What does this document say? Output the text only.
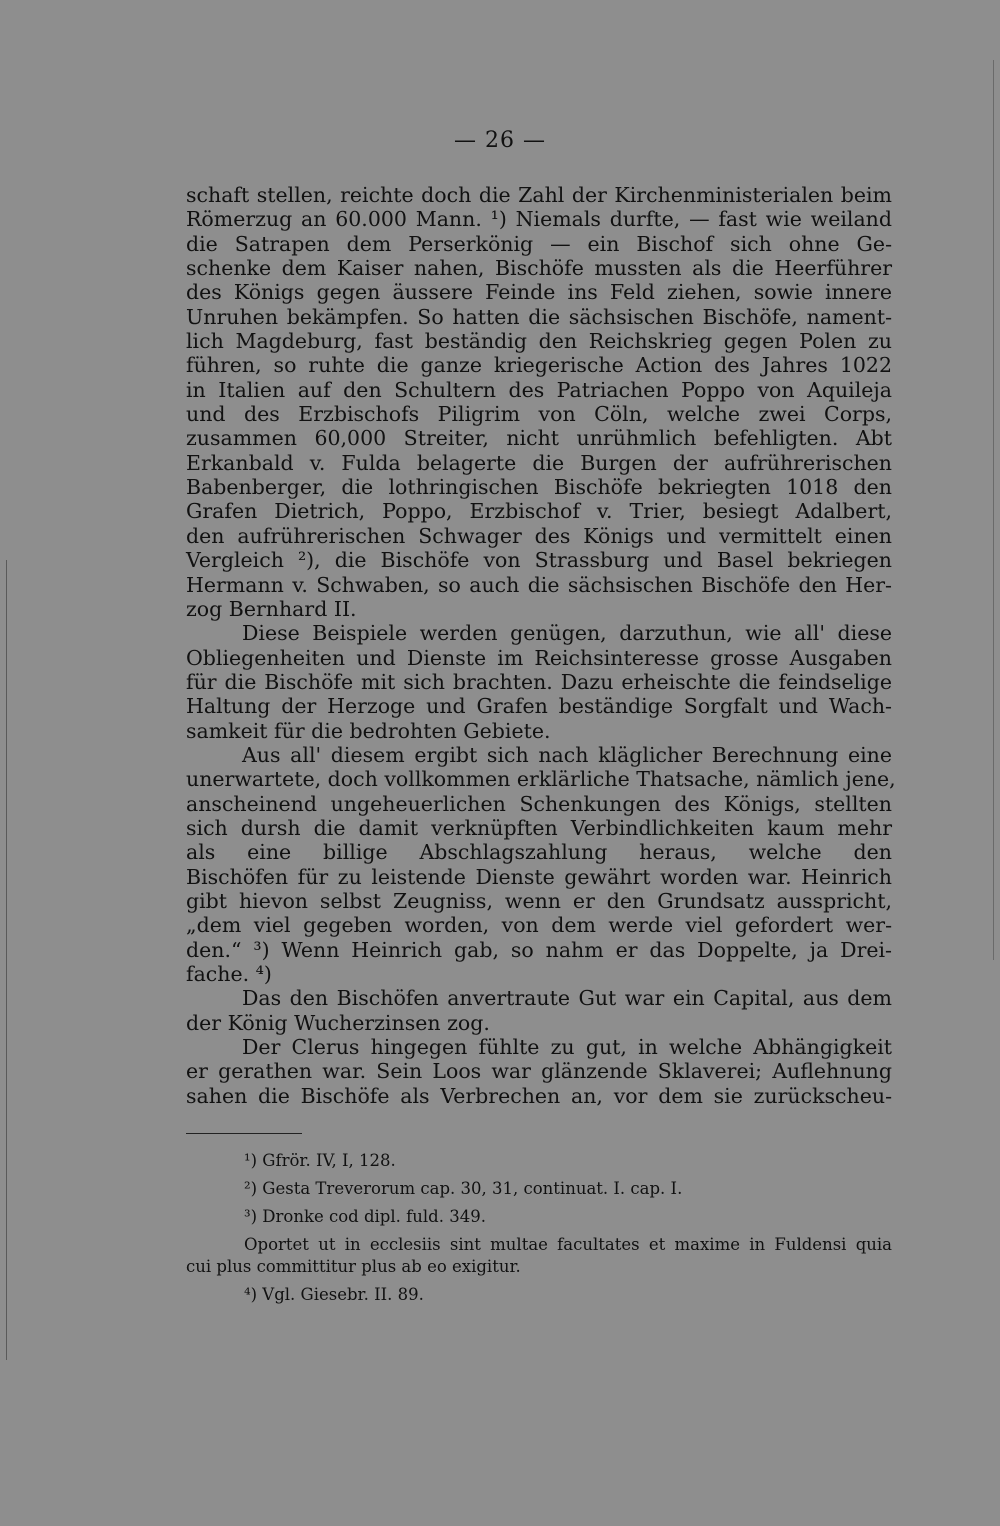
— 26 —
schaft stellen, reichte doch die Zahl der Kirchenministerialen beim
Römerzug an 60.000 Mann. ¹) Niemals durfte, — fast wie weiland
die Satrapen dem Perserkönig — ein Bischof sich ohne Ge-
schenke dem Kaiser nahen, Bischöfe mussten als die Heerführer
des Königs gegen äussere Feinde ins Feld ziehen, sowie innere
Unruhen bekämpfen. So hatten die sächsischen Bischöfe, nament-
lich Magdeburg, fast beständig den Reichskrieg gegen Polen zu
führen, so ruhte die ganze kriegerische Action des Jahres 1022
in Italien auf den Schultern des Patriachen Poppo von Aquileja
und des Erzbischofs Piligrim von Cöln, welche zwei Corps,
zusammen 60,000 Streiter, nicht unrühmlich befehligten. Abt
Erkanbald v. Fulda belagerte die Burgen der aufrührerischen
Babenberger, die lothringischen Bischöfe bekriegten 1018 den
Grafen Dietrich, Poppo, Erzbischof v. Trier, besiegt Adalbert,
den aufrührerischen Schwager des Königs und vermittelt einen
Vergleich ²), die Bischöfe von Strassburg und Basel bekriegen
Hermann v. Schwaben, so auch die sächsischen Bischöfe den Her-
zog Bernhard II.
Diese Beispiele werden genügen, darzuthun, wie all' diese
Obliegenheiten und Dienste im Reichsinteresse grosse Ausgaben
für die Bischöfe mit sich brachten. Dazu erheischte die feindselige
Haltung der Herzoge und Grafen beständige Sorgfalt und Wach-
samkeit für die bedrohten Gebiete.
Aus all' diesem ergibt sich nach kläglicher Berechnung eine
unerwartete, doch vollkommen erklärliche Thatsache, nämlich jene,
anscheinend ungeheuerlichen Schenkungen des Königs, stellten
sich dursh die damit verknüpften Verbindlichkeiten kaum mehr
als eine billige Abschlagszahlung heraus, welche den
Bischöfen für zu leistende Dienste gewährt worden war. Heinrich
gibt hievon selbst Zeugniss, wenn er den Grundsatz ausspricht,
„dem viel gegeben worden, von dem werde viel gefordert wer-
den.“ ³) Wenn Heinrich gab, so nahm er das Doppelte, ja Drei-
fache. ⁴)
Das den Bischöfen anvertraute Gut war ein Capital, aus dem
der König Wucherzinsen zog.
Der Clerus hingegen fühlte zu gut, in welche Abhängigkeit
er gerathen war. Sein Loos war glänzende Sklaverei; Auflehnung
sahen die Bischöfe als Verbrechen an, vor dem sie zurückscheu-
¹) Gfrör. IV, I, 128.
²) Gesta Treverorum cap. 30, 31, continuat. I. cap. I.
³) Dronke cod dipl. fuld. 349.
Oportet ut in ecclesiis sint multae facultates et maxime in Fuldensi quia
cui plus committitur plus ab eo exigitur.
⁴) Vgl. Giesebr. II. 89.
